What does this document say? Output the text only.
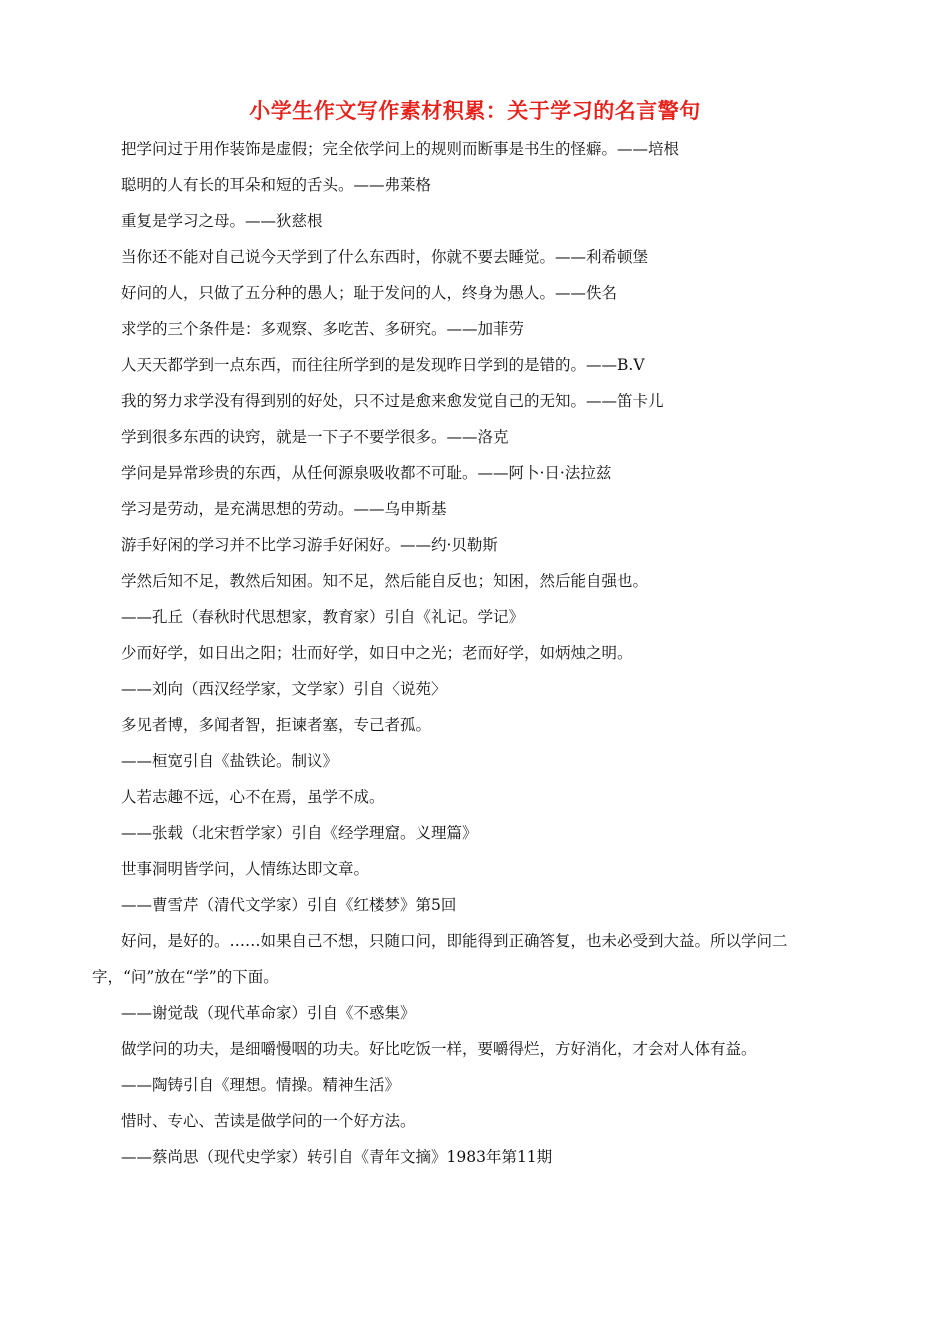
小学生作文写作素材积累：关于学习的名言警句
把学问过于用作装饰是虚假；完全依学问上的规则而断事是书生的怪癖。——培根
聪明的人有长的耳朵和短的舌头。——弗莱格
重复是学习之母。——狄慈根
当你还不能对自己说今天学到了什么东西时，你就不要去睡觉。——利希顿堡
好问的人，只做了五分种的愚人；耻于发问的人，终身为愚人。——佚名
求学的三个条件是：多观察、多吃苦、多研究。——加菲劳
人天天都学到一点东西，而往往所学到的是发现昨日学到的是错的。——B.V
我的努力求学没有得到别的好处，只不过是愈来愈发觉自己的无知。——笛卡儿
学到很多东西的诀窍，就是一下子不要学很多。——洛克
学问是异常珍贵的东西，从任何源泉吸收都不可耻。——阿卜·日·法拉兹
学习是劳动，是充满思想的劳动。——乌申斯基
游手好闲的学习并不比学习游手好闲好。——约·贝勒斯
学然后知不足，教然后知困。知不足，然后能自反也；知困，然后能自强也。
——孔丘（春秋时代思想家，教育家）引自《礼记。学记》
少而好学，如日出之阳；壮而好学，如日中之光；老而好学，如炳烛之明。
——刘向（西汉经学家，文学家）引自〈说苑〉
多见者博，多闻者智，拒谏者塞，专己者孤。
——桓宽引自《盐铁论。制议》
人若志趣不远，心不在焉，虽学不成。
——张载（北宋哲学家）引自《经学理窟。义理篇》
世事洞明皆学问，人情练达即文章。
——曹雪芹（清代文学家）引自《红楼梦》第5回
好问，是好的。……如果自己不想，只随口问，即能得到正确答复，也未必受到大益。所以学问二
字，“问”放在“学”的下面。
——谢觉哉（现代革命家）引自《不惑集》
做学问的功夫，是细嚼慢咽的功夫。好比吃饭一样，要嚼得烂，方好消化，才会对人体有益。
——陶铸引自《理想。情操。精神生活》
惜时、专心、苦读是做学问的一个好方法。
——蔡尚思（现代史学家）转引自《青年文摘》1983年第11期
